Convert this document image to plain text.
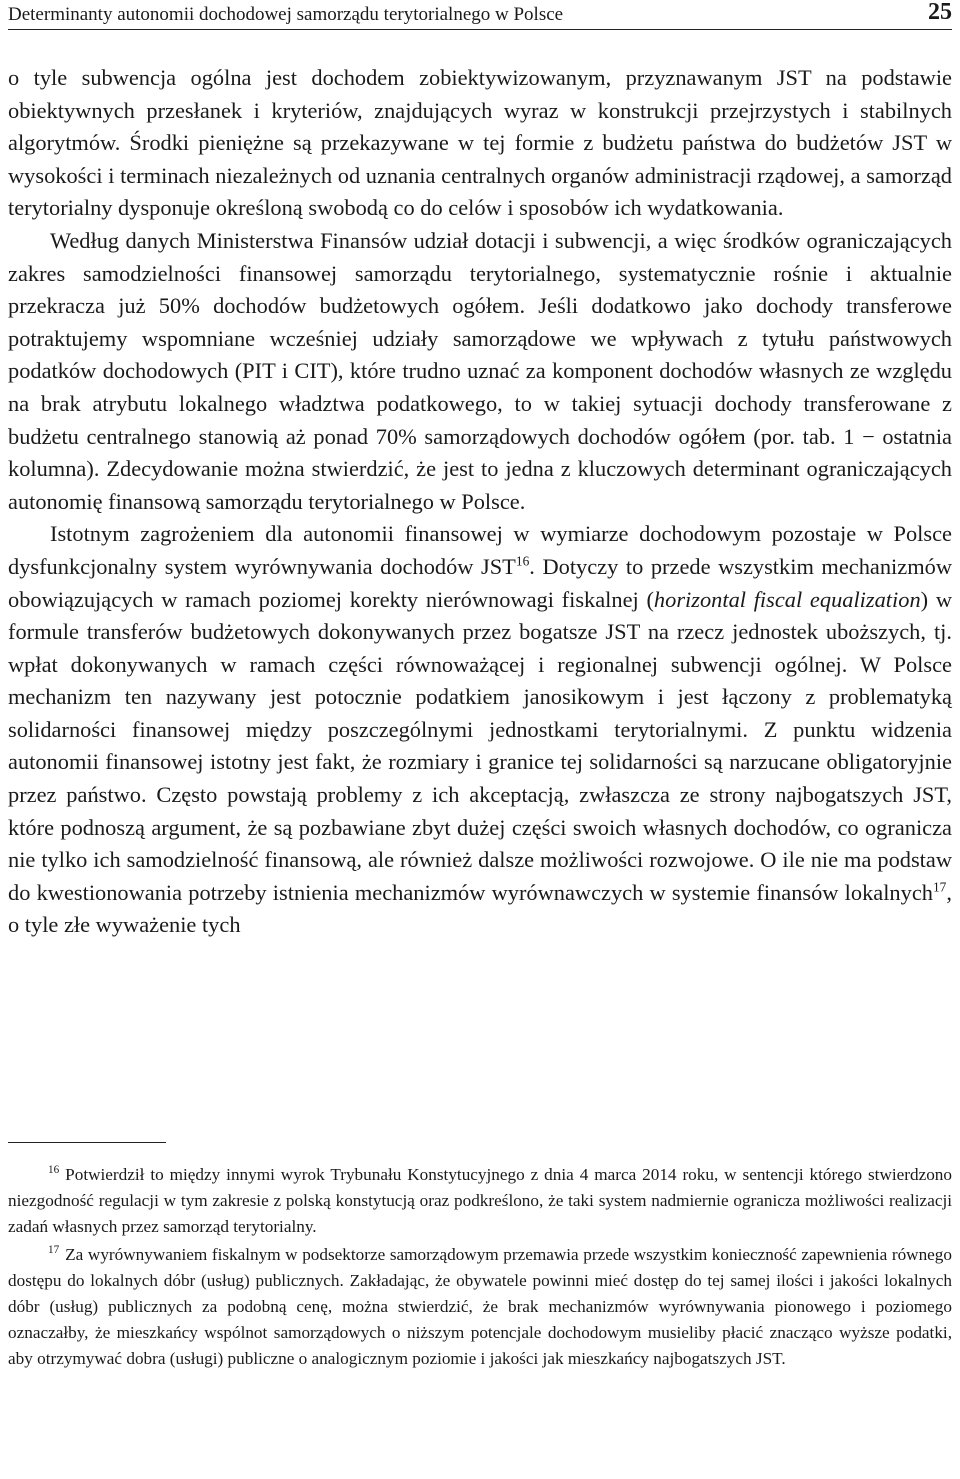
Determinanty autonomii dochodowej samorządu terytorialnego w Polsce	25

o tyle subwencja ogólna jest dochodem zobiektywizowanym, przyznawanym JST na podstawie obiektywnych przesłanek i kryteriów, znajdujących wyraz w konstrukcji przejrzystych i stabilnych algorytmów. Środki pieniężne są przekazywane w tej formie z budżetu państwa do budżetów JST w wysokości i terminach niezależnych od uznania centralnych organów administracji rządowej, a samorząd terytorialny dysponuje określoną swobodą co do celów i sposobów ich wydatkowania.

Według danych Ministerstwa Finansów udział dotacji i subwencji, a więc środków ograniczających zakres samodzielności finansowej samorządu terytorialnego, systematycznie rośnie i aktualnie przekracza już 50% dochodów budżetowych ogółem. Jeśli dodatkowo jako dochody transferowe potraktujemy wspomniane wcześniej udziały samorządowe we wpływach z tytułu państwowych podatków dochodowych (PIT i CIT), które trudno uznać za komponent dochodów własnych ze względu na brak atrybutu lokalnego władztwa podatkowego, to w takiej sytuacji dochody transferowane z budżetu centralnego stanowią aż ponad 70% samorządowych dochodów ogółem (por. tab. 1 − ostatnia kolumna). Zdecydowanie można stwierdzić, że jest to jedna z kluczowych determinant ograniczających autonomię finansową samorządu terytorialnego w Polsce.

Istotnym zagrożeniem dla autonomii finansowej w wymiarze dochodowym pozostaje w Polsce dysfunkcjonalny system wyrównywania dochodów JST$^{16}$. Dotyczy to przede wszystkim mechanizmów obowiązujących w ramach poziomej korekty nierównowagi fiskalnej (horizontal fiscal equalization) w formule transferów budżetowych dokonywanych przez bogatsze JST na rzecz jednostek uboższych, tj. wpłat dokonywanych w ramach części równoważącej i regionalnej subwencji ogólnej. W Polsce mechanizm ten nazywany jest potocznie podatkiem janosikowym i jest łączony z problematyką solidarności finansowej między poszczególnymi jednostkami terytorialnymi. Z punktu widzenia autonomii finansowej istotny jest fakt, że rozmiary i granice tej solidarności są narzucane obligatoryjnie przez państwo. Często powstają problemy z ich akceptacją, zwłaszcza ze strony najbogatszych JST, które podnoszą argument, że są pozbawiane zbyt dużej części swoich własnych dochodów, co ogranicza nie tylko ich samodzielność finansową, ale również dalsze możliwości rozwojowe. O ile nie ma podstaw do kwestionowania potrzeby istnienia mechanizmów wyrównawczych w systemie finansów lokalnych$^{17}$, o tyle złe wyważenie tych

$^{16}$ Potwierdził to między innymi wyrok Trybunału Konstytucyjnego z dnia 4 marca 2014 roku, w sentencji którego stwierdzono niezgodność regulacji w tym zakresie z polską konstytucją oraz podkreślono, że taki system nadmiernie ogranicza możliwości realizacji zadań własnych przez samorząd terytorialny.

$^{17}$ Za wyrównywaniem fiskalnym w podsektorze samorządowym przemawia przede wszystkim konieczność zapewnienia równego dostępu do lokalnych dóbr (usług) publicznych. Zakładając, że obywatele powinni mieć dostęp do tej samej ilości i jakości lokalnych dóbr (usług) publicznych za podobną cenę, można stwierdzić, że brak mechanizmów wyrównywania pionowego i poziomego oznaczałby, że mieszkańcy wspólnot samorządowych o niższym potencjale dochodowym musieliby płacić znacząco wyższe podatki, aby otrzymywać dobra (usługi) publiczne o analogicznym poziomie i jakości jak mieszkańcy najbogatszych JST.
